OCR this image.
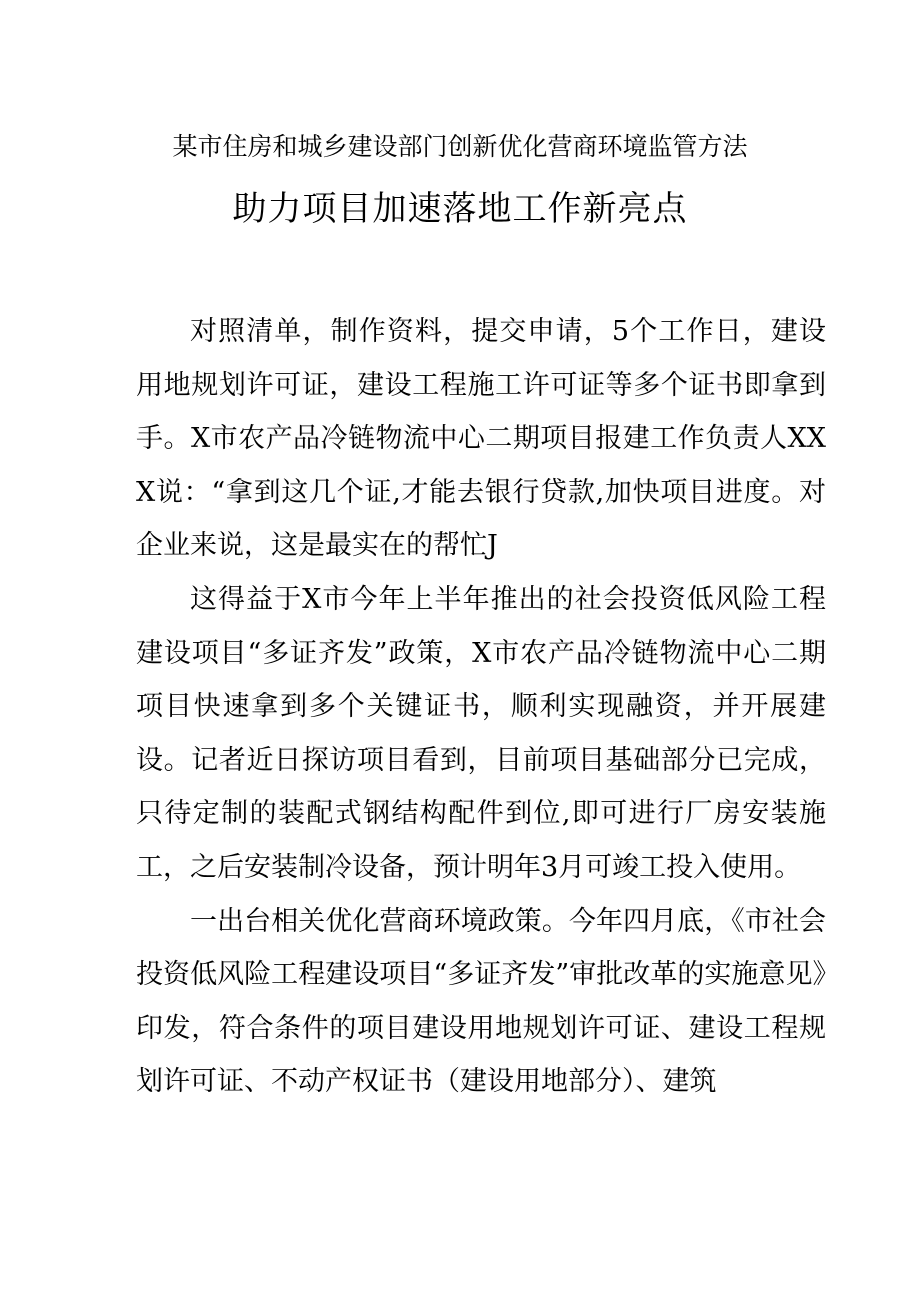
某市住房和城乡建设部门创新优化营商环境监管方法
助力项目加速落地工作新亮点

对照清单，制作资料，提交申请，5个工作日，建设用地规划许可证，建设工程施工许可证等多个证书即拿到手。X市农产品冷链物流中心二期项目报建工作负责人XXX说：“拿到这几个证,才能去银行贷款,加快项目进度。对企业来说，这是最实在的帮忙J

这得益于X市今年上半年推出的社会投资低风险工程建设项目“多证齐发”政策，X市农产品冷链物流中心二期项目快速拿到多个关键证书，顺利实现融资，并开展建设。记者近日探访项目看到，目前项目基础部分已完成，只待定制的装配式钢结构配件到位,即可进行厂房安装施工，之后安装制冷设备，预计明年3月可竣工投入使用。

一出台相关优化营商环境政策。今年四月底，《市社会投资低风险工程建设项目“多证齐发”审批改革的实施意见》印发，符合条件的项目建设用地规划许可证、建设工程规划许可证、不动产权证书（建设用地部分）、建筑
